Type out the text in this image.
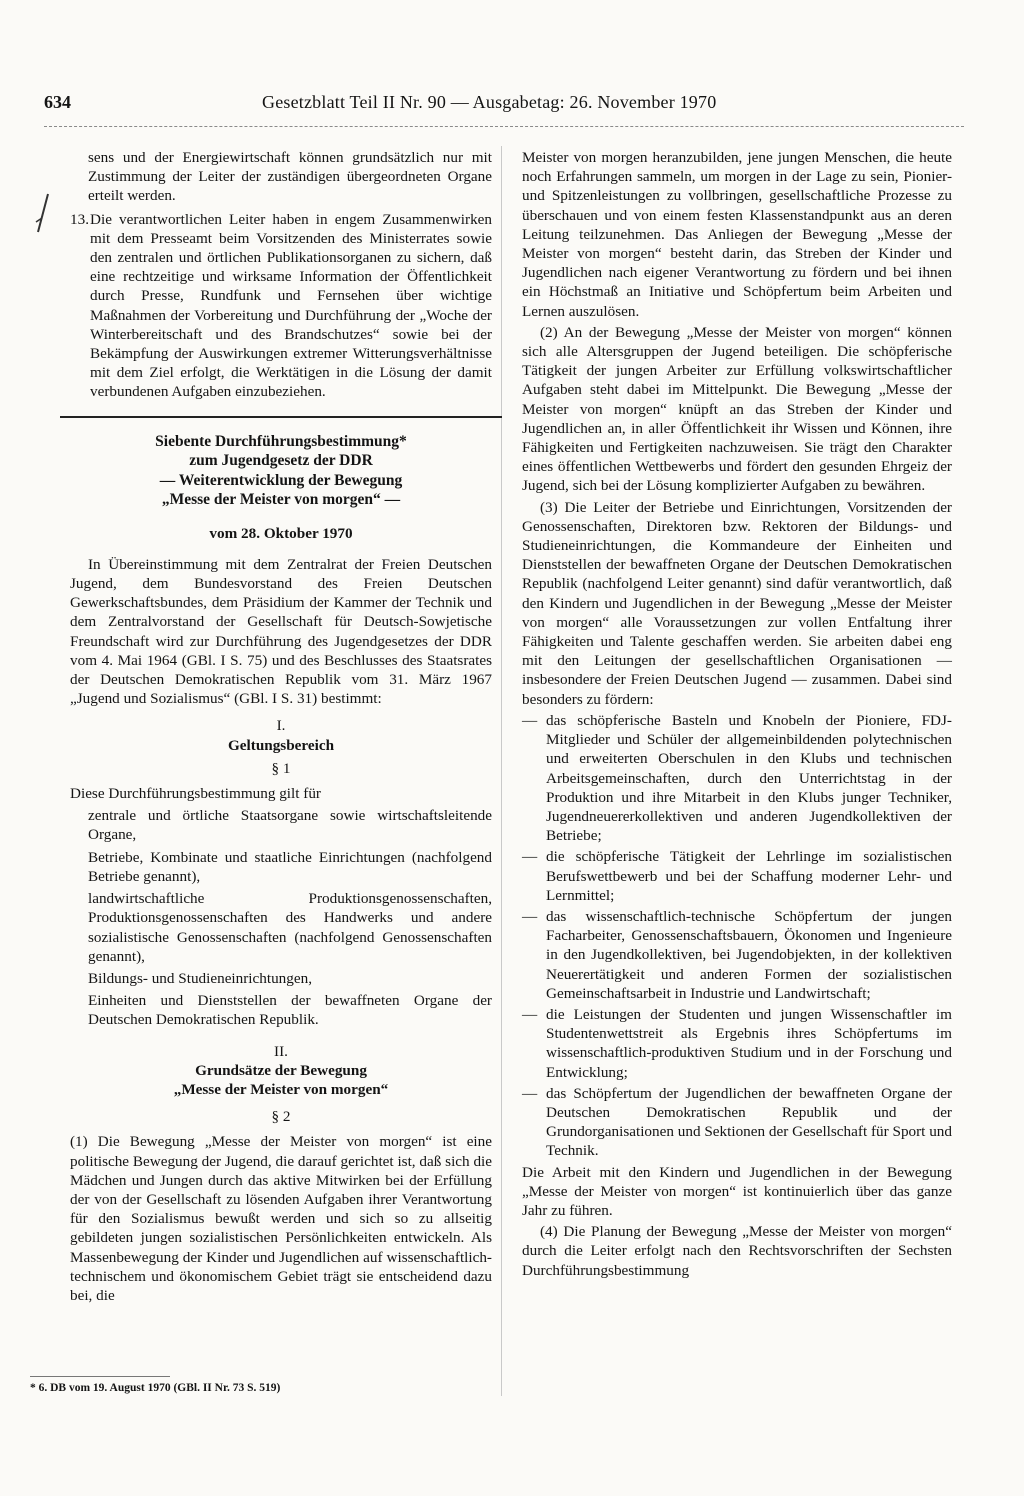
634	Gesetzblatt Teil II Nr. 90 — Ausgabetag: 26. November 1970

sens und der Energiewirtschaft können grundsätzlich nur mit Zustimmung der Leiter der zuständigen übergeordneten Organe erteilt werden.

13. Die verantwortlichen Leiter haben in engem Zusammenwirken mit dem Presseamt beim Vorsitzenden des Ministerrates sowie den zentralen und örtlichen Publikationsorganen zu sichern, daß eine rechtzeitige und wirksame Information der Öffentlichkeit durch Presse, Rundfunk und Fernsehen über wichtige Maßnahmen der Vorbereitung und Durchführung der „Woche der Winterbereitschaft und des Brandschutzes“ sowie bei der Bekämpfung der Auswirkungen extremer Witterungsverhältnisse mit dem Ziel erfolgt, die Werktätigen in die Lösung der damit verbundenen Aufgaben einzubeziehen.
Siebente Durchführungsbestimmung*
zum Jugendgesetz der DDR
— Weiterentwicklung der Bewegung
„Messe der Meister von morgen“ —
vom 28. Oktober 1970

In Übereinstimmung mit dem Zentralrat der Freien Deutschen Jugend, dem Bundesvorstand des Freien Deutschen Gewerkschaftsbundes, dem Präsidium der Kammer der Technik und dem Zentralvorstand der Gesellschaft für Deutsch-Sowjetische Freundschaft wird zur Durchführung des Jugendgesetzes der DDR vom 4. Mai 1964 (GBl. I S. 75) und des Beschlusses des Staatsrates der Deutschen Demokratischen Republik vom 31. März 1967 „Jugend und Sozialismus“ (GBl. I S. 31) bestimmt:

I.
Geltungsbereich
§ 1

Diese Durchführungsbestimmung gilt für

zentrale und örtliche Staatsorgane sowie wirtschaftsleitende Organe,
Betriebe, Kombinate und staatliche Einrichtungen (nachfolgend Betriebe genannt),
landwirtschaftliche Produktionsgenossenschaften, Produktionsgenossenschaften des Handwerks und andere sozialistische Genossenschaften (nachfolgend Genossenschaften genannt),
Bildungs- und Studieneinrichtungen,
Einheiten und Dienststellen der bewaffneten Organe der Deutschen Demokratischen Republik.
II.
Grundsätze der Bewegung
„Messe der Meister von morgen“
§ 2

(1) Die Bewegung „Messe der Meister von morgen“ ist eine politische Bewegung der Jugend, die darauf gerichtet ist, daß sich die Mädchen und Jungen durch das aktive Mitwirken bei der Erfüllung der von der Gesellschaft zu lösenden Aufgaben ihrer Verantwortung für den Sozialismus bewußt werden und sich so zu allseitig gebildeten jungen sozialistischen Persönlichkeiten entwickeln. Als Massenbewegung der Kinder und Jugendlichen auf wissenschaftlich-technischem und ökonomischem Gebiet trägt sie entscheidend dazu bei, die

* 6. DB vom 19. August 1970 (GBl. II Nr. 73 S. 519)

Meister von morgen heranzubilden, jene jungen Menschen, die heute noch Erfahrungen sammeln, um morgen in der Lage zu sein, Pionier- und Spitzenleistungen zu vollbringen, gesellschaftliche Prozesse zu überschauen und von einem festen Klassenstandpunkt aus an deren Leitung teilzunehmen. Das Anliegen der Bewegung „Messe der Meister von morgen“ besteht darin, das Streben der Kinder und Jugendlichen nach eigener Verantwortung zu fördern und bei ihnen ein Höchstmaß an Initiative und Schöpfertum beim Arbeiten und Lernen auszulösen.

(2) An der Bewegung „Messe der Meister von morgen“ können sich alle Altersgruppen der Jugend beteiligen. Die schöpferische Tätigkeit der jungen Arbeiter zur Erfüllung volkswirtschaftlicher Aufgaben steht dabei im Mittelpunkt. Die Bewegung „Messe der Meister von morgen“ knüpft an das Streben der Kinder und Jugendlichen an, in aller Öffentlichkeit ihr Wissen und Können, ihre Fähigkeiten und Fertigkeiten nachzuweisen. Sie trägt den Charakter eines öffentlichen Wettbewerbs und fördert den gesunden Ehrgeiz der Jugend, sich bei der Lösung komplizierter Aufgaben zu bewähren.

(3) Die Leiter der Betriebe und Einrichtungen, Vorsitzenden der Genossenschaften, Direktoren bzw. Rektoren der Bildungs- und Studieneinrichtungen, die Kommandeure der Einheiten und Dienststellen der bewaffneten Organe der Deutschen Demokratischen Republik (nachfolgend Leiter genannt) sind dafür verantwortlich, daß den Kindern und Jugendlichen in der Bewegung „Messe der Meister von morgen“ alle Voraussetzungen zur vollen Entfaltung ihrer Fähigkeiten und Talente geschaffen werden. Sie arbeiten dabei eng mit den Leitungen der gesellschaftlichen Organisationen — insbesondere der Freien Deutschen Jugend — zusammen. Dabei sind besonders zu fördern:

— das schöpferische Basteln und Knobeln der Pioniere, FDJ-Mitglieder und Schüler der allgemeinbildenden polytechnischen und erweiterten Oberschulen in den Klubs und technischen Arbeitsgemeinschaften, durch den Unterrichtstag in der Produktion und ihre Mitarbeit in den Klubs junger Techniker, Jugendneuererkollektiven und anderen Jugendkollektiven der Betriebe;
— die schöpferische Tätigkeit der Lehrlinge im sozialistischen Berufswettbewerb und bei der Schaffung moderner Lehr- und Lernmittel;
— das wissenschaftlich-technische Schöpfertum der jungen Facharbeiter, Genossenschaftsbauern, Ökonomen und Ingenieure in den Jugendkollektiven, bei Jugendobjekten, in der kollektiven Neuerertätigkeit und anderen Formen der sozialistischen Gemeinschaftsarbeit in Industrie und Landwirtschaft;
— die Leistungen der Studenten und jungen Wissenschaftler im Studentenwettstreit als Ergebnis ihres Schöpfertums im wissenschaftlich-produktiven Studium und in der Forschung und Entwicklung;
— das Schöpfertum der Jugendlichen der bewaffneten Organe der Deutschen Demokratischen Republik und der Grundorganisationen und Sektionen der Gesellschaft für Sport und Technik.

Die Arbeit mit den Kindern und Jugendlichen in der Bewegung „Messe der Meister von morgen“ ist kontinuierlich über das ganze Jahr zu führen.

(4) Die Planung der Bewegung „Messe der Meister von morgen“ durch die Leiter erfolgt nach den Rechtsvorschriften der Sechsten Durchführungsbestimmung
